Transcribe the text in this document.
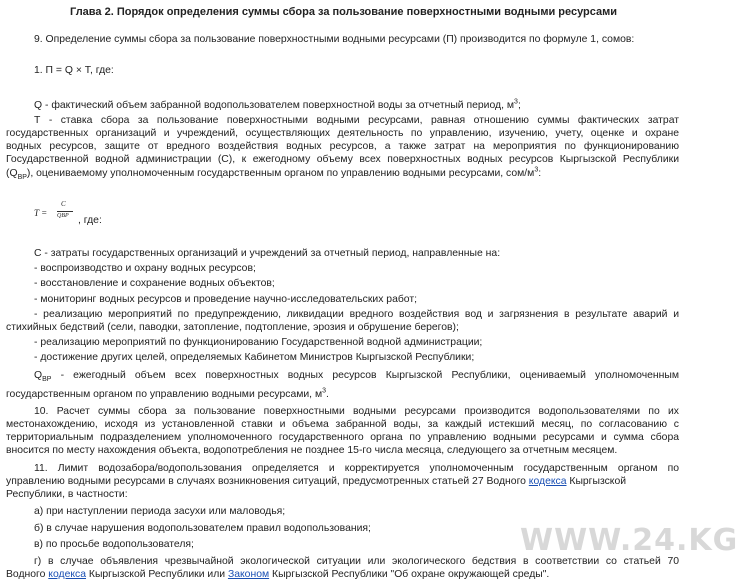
Глава 2. Порядок определения суммы сбора за пользование поверхностными водными ресурсами
9. Определение суммы сбора за пользование поверхностными водными ресурсами (П) производится по формуле 1, сомов:
1. П = Q × Т, где:
Q - фактический объем забранной водопользователем поверхностной воды за отчетный период, $м^3$;
Т - ставка сбора за пользование поверхностными водными ресурсами, равная отношению суммы фактических затрат
государственных организаций и учреждений, осуществляющих деятельность по управлению, изучению, учету, оценке и охране
водных ресурсов, защите от вредного воздействия водных ресурсов, а также затрат на мероприятия по функционированию
Государственной водной администрации (С), к ежегодному объему всех поверхностных водных ресурсов Кыргызской Республики
$(Q_{ВР})$, оцениваемому уполномоченным государственным органом по управлению водными ресурсами, сом/$м^3$:
T =
C
QВР , где:
С - затраты государственных организаций и учреждений за отчетный период, направленные на:
- воспроизводство и охрану водных ресурсов;
- восстановление и сохранение водных объектов;
- мониторинг водных ресурсов и проведение научно-исследовательских работ;
- реализацию мероприятий по предупреждению, ликвидации вредного воздействия вод и загрязнения в результате аварий и
стихийных бедствий (сели, паводки, затопление, подтопление, эрозия и обрушение берегов);
- реализацию мероприятий по функционированию Государственной водной администрации;
- достижение других целей, определяемых Кабинетом Министров Кыргызской Республики;
$Q_{ВР}$ - ежегодный объем всех поверхностных водных ресурсов Кыргызской Республики, оцениваемый уполномоченным
государственным органом по управлению водными ресурсами, $м^3$.
10. Расчет суммы сбора за пользование поверхностными водными ресурсами производится водопользователями по их
местонахождению, исходя из установленной ставки и объема забранной воды, за каждый истекший месяц, по согласованию с
территориальным подразделением уполномоченного государственного органа по управлению водными ресурсами и сумма сбора
вносится по месту нахождения объекта, водопотребления не позднее 15-го числа месяца, следующего за отчетным месяцем.
11. Лимит водозабора/водопользования определяется и корректируется уполномоченным государственным органом по
управлению водными ресурсами в случаях возникновения ситуаций, предусмотренных статьей 27 Водного кодекса Кыргызской
Республики, в частности:
а) при наступлении периода засухи или маловодья;
б) в случае нарушения водопользователем правил водопользования;
в) по просьбе водопользователя;
г) в случае объявления чрезвычайной экологической ситуации или экологического бедствия в соответствии со статьей 70
Водного кодекса Кыргызской Республики или Законом Кыргызской Республики "Об охране окружающей среды".
WWW.24.KG
